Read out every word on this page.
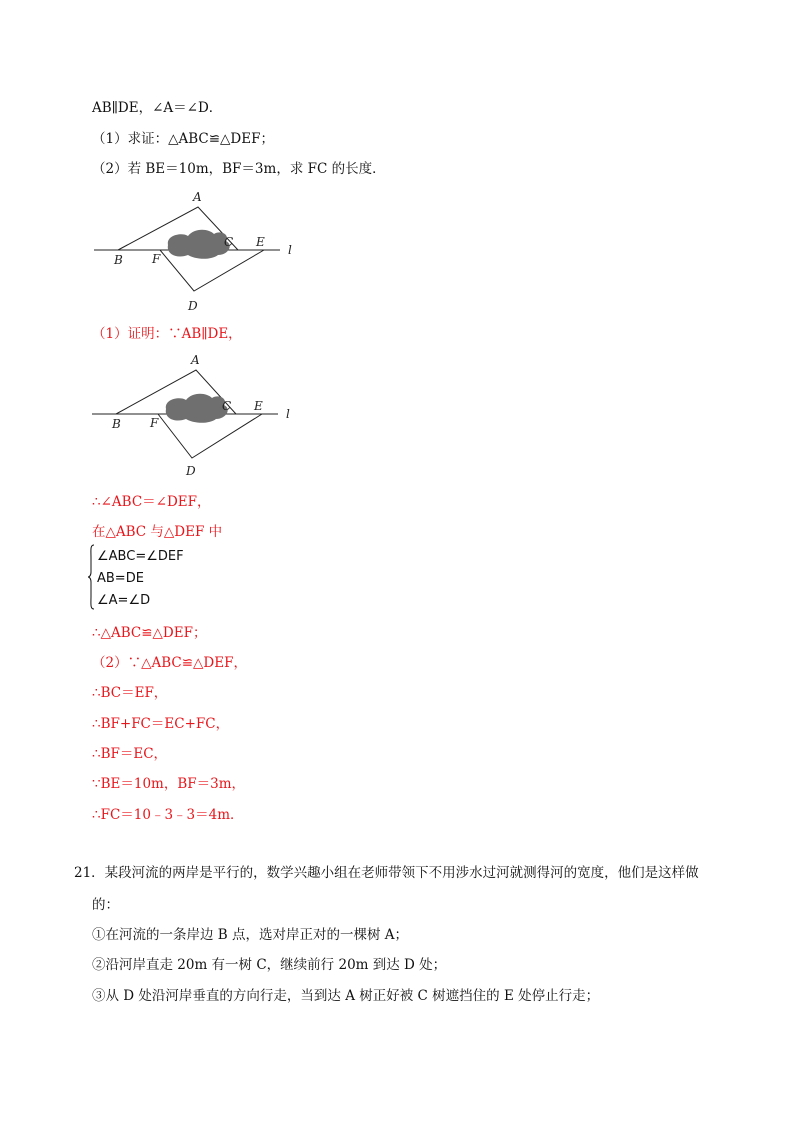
AB∥DE，∠A＝∠D．
（1）求证：△ABC≌△DEF；
（2）若 BE＝10m，BF＝3m，求 FC 的长度．
A
B
C
D
E
F
l
（1）证明：∵AB∥DE，
A
B
C
D
E
F
l
∴∠ABC＝∠DEF，
在△ABC 与△DEF 中
∠ABC=∠DEF
AB=DE
∠A=∠D
∴△ABC≌△DEF；
（2）∵△ABC≌△DEF，
∴BC＝EF，
∴BF+FC＝EC+FC，
∴BF＝EC，
∵BE＝10m，BF＝3m，
∴FC＝10﹣3﹣3＝4m．
21．某段河流的两岸是平行的，数学兴趣小组在老师带领下不用涉水过河就测得河的宽度，他们是这样做
的：
①在河流的一条岸边 B 点，选对岸正对的一棵树 A；
②沿河岸直走 20m 有一树 C，继续前行 20m 到达 D 处；
③从 D 处沿河岸垂直的方向行走，当到达 A 树正好被 C 树遮挡住的 E 处停止行走；
